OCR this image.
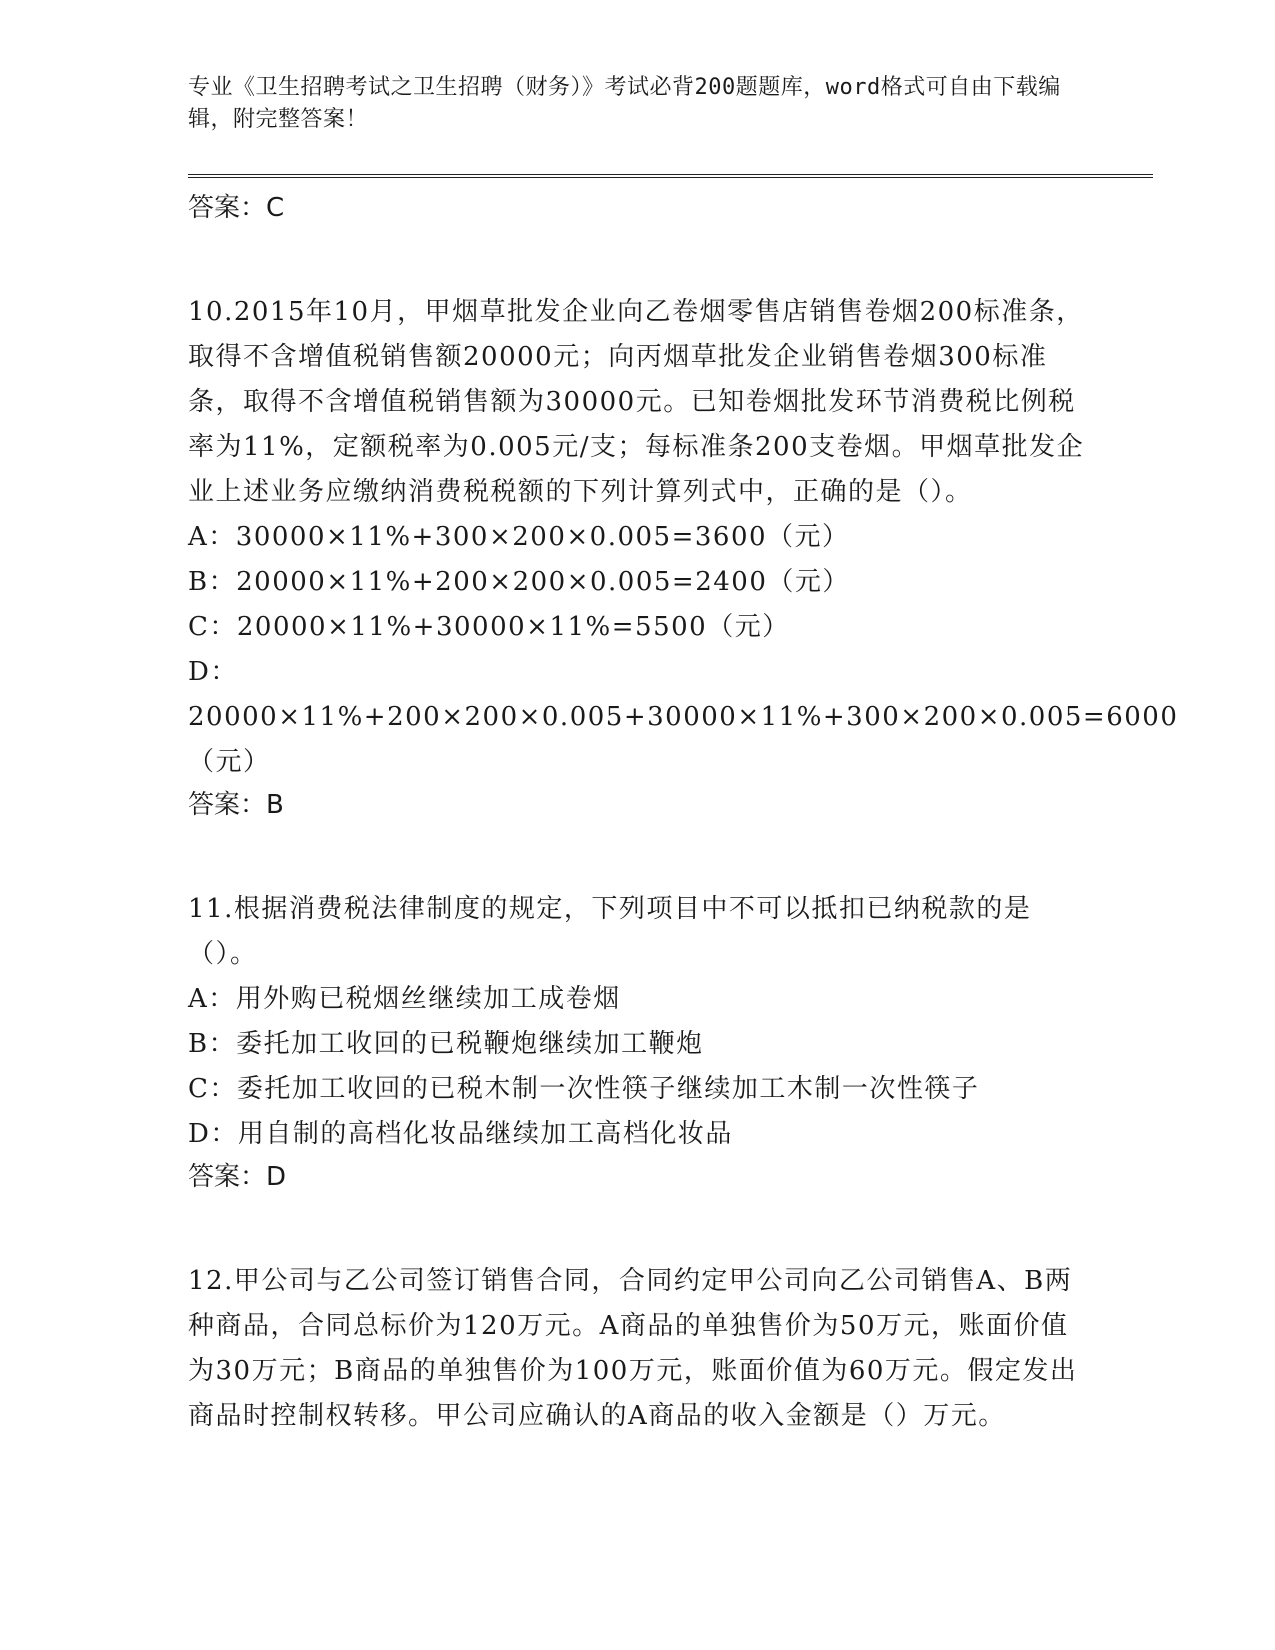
专业《卫生招聘考试之卫生招聘（财务）》考试必背200题题库，word格式可自由下载编辑，附完整答案！

答案：C

10.2015年10月，甲烟草批发企业向乙卷烟零售店销售卷烟200标准条，取得不含增值税销售额20000元；向丙烟草批发企业销售卷烟300标准条，取得不含增值税销售额为30000元。已知卷烟批发环节消费税比例税率为11%，定额税率为0.005元/支；每标准条200支卷烟。甲烟草批发企业上述业务应缴纳消费税税额的下列计算列式中，正确的是（）。

A：30000×11%+300×200×0.005=3600（元）

B：20000×11%+200×200×0.005=2400（元）

C：20000×11%+30000×11%=5500（元）

D：20000×11%+200×200×0.005+30000×11%+300×200×0.005=6000（元）

答案：B

11.根据消费税法律制度的规定，下列项目中不可以抵扣已纳税款的是（）。

A：用外购已税烟丝继续加工成卷烟

B：委托加工收回的已税鞭炮继续加工鞭炮

C：委托加工收回的已税木制一次性筷子继续加工木制一次性筷子

D：用自制的高档化妆品继续加工高档化妆品

答案：D

12.甲公司与乙公司签订销售合同，合同约定甲公司向乙公司销售A、B两种商品，合同总标价为120万元。A商品的单独售价为50万元，账面价值为30万元；B商品的单独售价为100万元，账面价值为60万元。假定发出商品时控制权转移。甲公司应确认的A商品的收入金额是（）万元。
